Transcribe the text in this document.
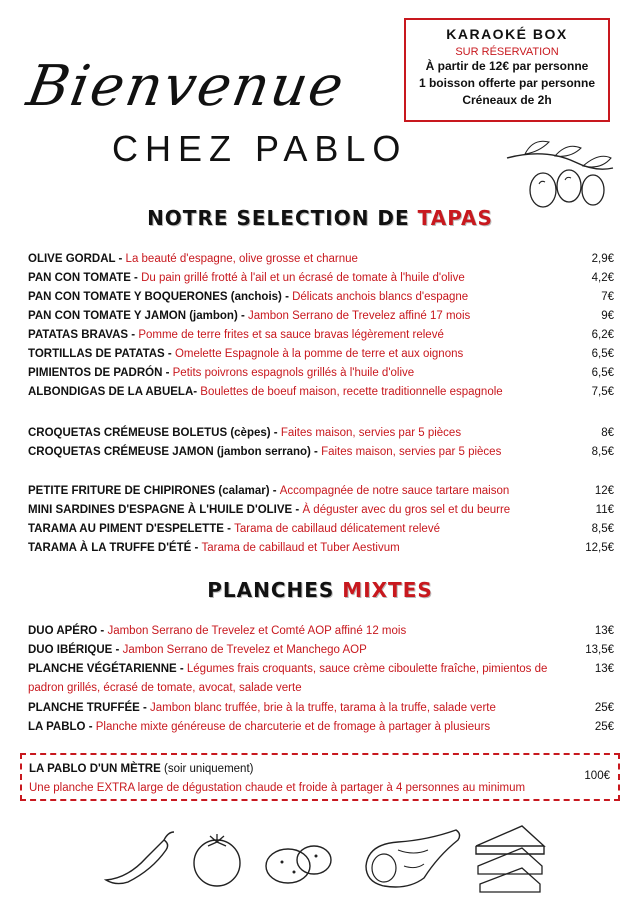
Bienvenue
CHEZ PABLO
KARAOKÉ BOX
SUR RÉSERVATION
À partir de 12€ par personne
1 boisson offerte par personne
Créneaux de 2h
NOTRE SELECTION DE TAPAS
OLIVE GORDAL - La beauté d'espagne, olive grosse et charnue	2,9€
PAN CON TOMATE - Du pain grillé frotté à l'ail et un écrasé de tomate à l'huile d'olive	4,2€
PAN CON TOMATE Y BOQUERONES (anchois) - Délicats anchois blancs d'espagne	7€
PAN CON TOMATE Y JAMON (jambon) - Jambon Serrano de Trevelez affiné 17 mois	9€
PATATAS BRAVAS - Pomme de terre frites et sa sauce bravas légèrement relevé	6,2€
TORTILLAS DE PATATAS - Omelette Espagnole à la pomme de terre et aux oignons	6,5€
PIMIENTOS DE PADRÓN - Petits poivrons espagnols grillés à l'huile d'olive	6,5€
ALBONDIGAS DE LA ABUELA- Boulettes de boeuf maison, recette traditionnelle espagnole	7,5€
CROQUETAS CRÉMEUSE BOLETUS (cèpes) - Faites maison, servies par 5 pièces	8€
CROQUETAS CRÉMEUSE JAMON (jambon serrano) - Faites maison, servies par 5 pièces	8,5€
PETITE FRITURE DE CHIPIRONES (calamar) - Accompagnée de notre sauce tartare maison	12€
MINI SARDINES D'ESPAGNE À L'HUILE D'OLIVE - À déguster avec du gros sel et du beurre	11€
TARAMA AU PIMENT D'ESPELETTE - Tarama de cabillaud délicatement relevé	8,5€
TARAMA À LA TRUFFE D'ÉTÉ - Tarama de cabillaud et Tuber Aestivum	12,5€
PLANCHES MIXTES
DUO APÉRO - Jambon Serrano de Trevelez et Comté AOP affiné 12 mois	13€
DUO IBÉRIQUE - Jambon Serrano de Trevelez et Manchego AOP	13,5€
PLANCHE VÉGÉTARIENNE - Légumes frais croquants, sauce crème ciboulette fraîche, pimientos de padron grillés, écrasé de tomate, avocat, salade verte
13€
PLANCHE TRUFFÉE - Jambon blanc truffée, brie à la truffe, tarama à la truffe, salade verte	25€
LA PABLO - Planche mixte généreuse de charcuterie et de fromage à partager à plusieurs	25€
LA PABLO D'UN MÈTRE (soir uniquement)
Une planche EXTRA large de dégustation chaude et froide à partager à 4 personnes au minimum
100€
